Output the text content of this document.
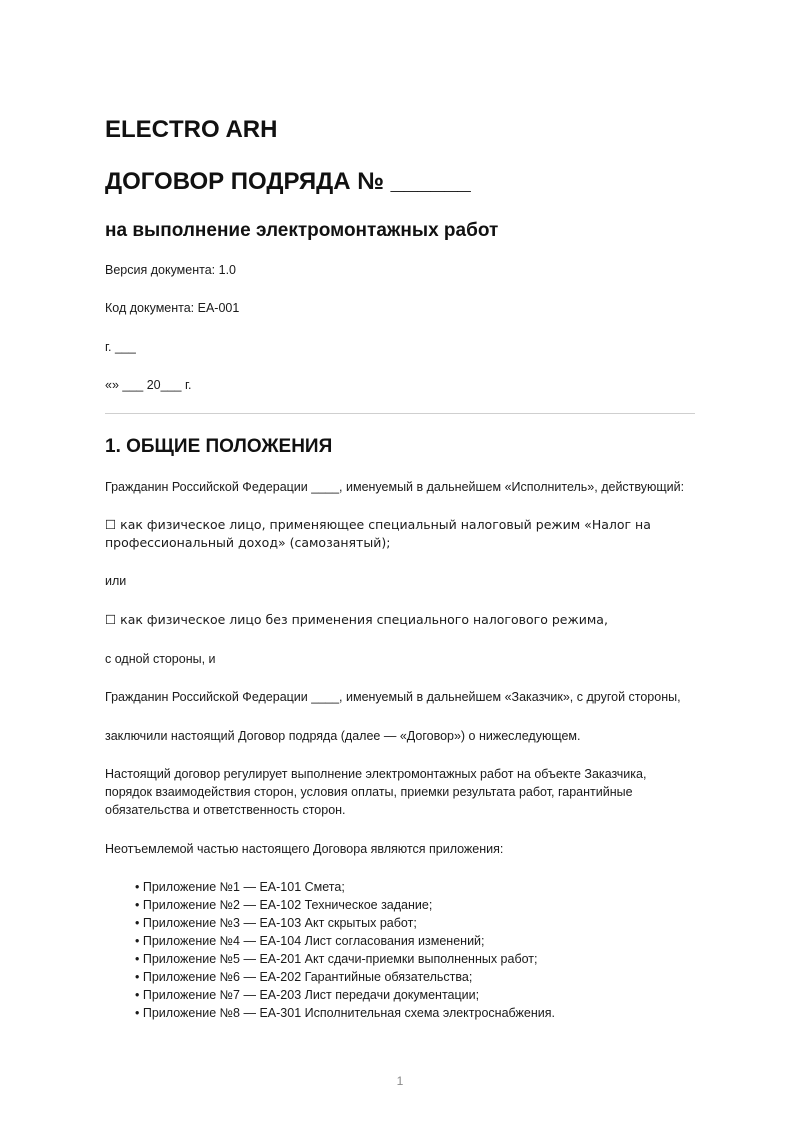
ELECTRO ARH
ДОГОВОР ПОДРЯДА № ______
на выполнение электромонтажных работ
Версия документа: 1.0
Код документа: EA-001
г. ___
«» ___ 20___ г.
1. ОБЩИЕ ПОЛОЖЕНИЯ
Гражданин Российской Федерации ____, именуемый в дальнейшем «Исполнитель», действующий:
☐ как физическое лицо, применяющее специальный налоговый режим «Налог на профессиональный доход» (самозанятый);
или
☐ как физическое лицо без применения специального налогового режима,
с одной стороны, и
Гражданин Российской Федерации ____, именуемый в дальнейшем «Заказчик», с другой стороны,
заключили настоящий Договор подряда (далее — «Договор») о нижеследующем.
Настоящий договор регулирует выполнение электромонтажных работ на объекте Заказчика, порядок взаимодействия сторон, условия оплаты, приемки результата работ, гарантийные обязательства и ответственность сторон.
Неотъемлемой частью настоящего Договора являются приложения:
• Приложение №1 — EA-101 Смета;
• Приложение №2 — EA-102 Техническое задание;
• Приложение №3 — EA-103 Акт скрытых работ;
• Приложение №4 — EA-104 Лист согласования изменений;
• Приложение №5 — EA-201 Акт сдачи-приемки выполненных работ;
• Приложение №6 — EA-202 Гарантийные обязательства;
• Приложение №7 — EA-203 Лист передачи документации;
• Приложение №8 — EA-301 Исполнительная схема электроснабжения.
1
